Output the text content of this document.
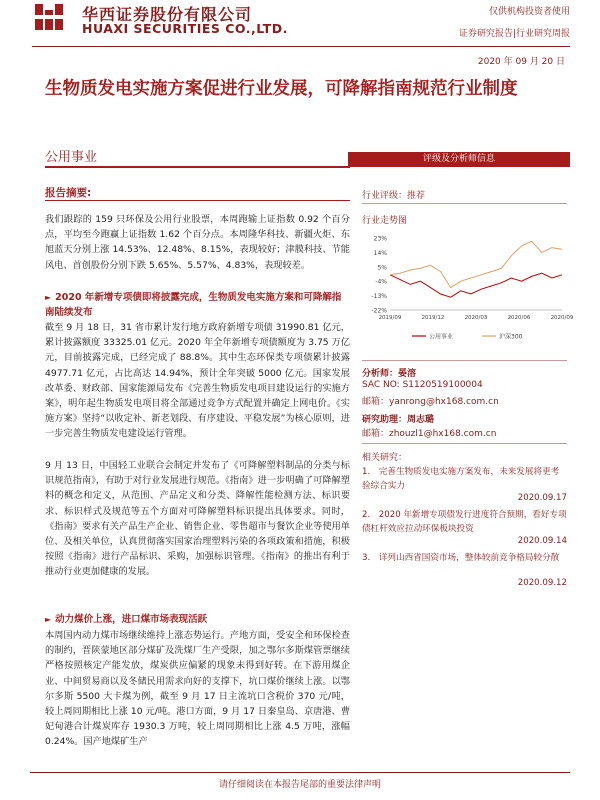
华西证券股份有限公司
HUAXI SECURITIES CO.,LTD.
仅供机构投资者使用
证券研究报告|行业研究周报
2020 年 09 月 20 日
生物质发电实施方案促进行业发展，可降解指南规范行业制度
公用事业
报告摘要:
我们跟踪的 159 只环保及公用行业股票，本周跑输上证指数 0.92 个百分点，平均至今跑赢上证指数 1.62 个百分点。本周隆华科技、新疆火炬、东旭蓝天分别上涨 14.53%、12.48%、8.15%，表现较好；津膜科技、节能风电、首创股份分别下跌 5.65%、5.57%、4.83%，表现较差。
► 2020 年新增专项债即将披露完成，生物质发电实施方案和可降解指南陆续发布
截至 9 月 18 日，31 省市累计发行地方政府新增专项债 31990.81 亿元，累计披露额度 33325.01 亿元。2020 年全年新增专项债额度为 3.75 万亿元，目前披露完成，已经完成了 88.8%。其中生态环保类专项债累计披露 4977.71 亿元，占比高达 14.94%，预计全年突破 5000 亿元。国家发展改革委、财政部、国家能源局发布《完善生物质发电项目建设运行的实施方案》，明年起生物质发电项目将全部通过竞争方式配置并确定上网电价。《实施方案》坚持“以收定补、新老划段、有序建设、平稳发展”为核心原则，进一步完善生物质发电建设运行管理。
9 月 13 日，中国轻工业联合会制定并发布了《可降解塑料制品的分类与标识规范指南》，有助于对行业发展进行规范。《指南》进一步明确了可降解塑料的概念和定义，从范围、产品定义和分类、降解性能检测方法、标识要求、标识样式及规范等五个方面对可降解塑料标识提出具体要求。同时，《指南》要求有关产品生产企业、销售企业、零售超市与餐饮企业等使用单位、及相关单位，认真贯彻落实国家治理塑料污染的各项政策和措施，积极按照《指南》进行产品标识、采购，加强标识管理。《指南》的推出有利于推动行业更加健康的发展。
► 动力煤价上涨，进口煤市场表现活跃
本周国内动力煤市场继续维持上涨态势运行。产地方面，受安全和环保检查的制约，晋陕蒙地区部分煤矿及洗煤厂生产受限，加之鄂尔多斯煤管票继续严格按照核定产能发放，煤炭供应偏紧的现象未得到好转。在下游用煤企业、中间贸易商以及冬储民用需求向好的支撑下，坑口煤价继续上涨。以鄂尔多斯 5500 大卡煤为例，截至 9 月 17 日主流坑口含税价 370 元/吨，较上周同期相比上涨 10 元/吨。港口方面，9 月 17 日秦皇岛、京唐港、曹妃甸港合计煤炭库存 1930.3 万吨，较上周同期相比上涨 4.5 万吨，涨幅 0.24%。国产地煤矿生产
评级及分析师信息
行业评级：推荐
行业走势图
23%
14%
5%
-4%
-13%
-22%
2019/09	2019/12	2020/03	2020/06	2020/09
公用事业	沪深300
分析师：晏溶
SAC NO: S1120519100004
邮箱：yanrong@hx168.com.cn
研究助理：周志璐
邮箱：zhouzl1@hx168.com.cn
相关研究：
1.　完善生物质发电实施方案发布，未来发展将更考验综合实力
2020.09.17
2.　2020 年新增专项债发行进度符合预期，看好专项债杠杆效应拉动环保板块投资
2020.09.14
3.　详列山西省国资市场，整体较前竞争格局较分散
2020.09.12
请仔细阅读在本报告尾部的重要法律声明
